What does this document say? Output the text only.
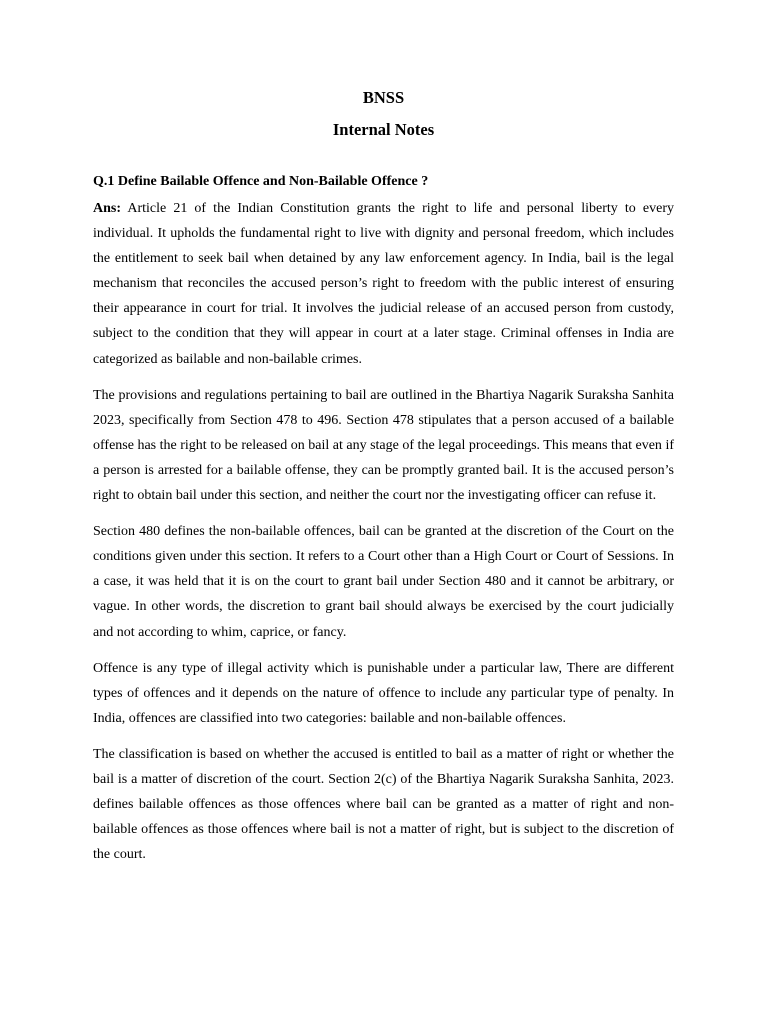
BNSS
Internal Notes

Q.1 Define Bailable Offence and Non-Bailable Offence ?

Ans: Article 21 of the Indian Constitution grants the right to life and personal liberty to every individual. It upholds the fundamental right to live with dignity and personal freedom, which includes the entitlement to seek bail when detained by any law enforcement agency. In India, bail is the legal mechanism that reconciles the accused person’s right to freedom with the public interest of ensuring their appearance in court for trial. It involves the judicial release of an accused person from custody, subject to the condition that they will appear in court at a later stage. Criminal offenses in India are categorized as bailable and non-bailable crimes.

The provisions and regulations pertaining to bail are outlined in the Bhartiya Nagarik Suraksha Sanhita 2023, specifically from Section 478 to 496. Section 478 stipulates that a person accused of a bailable offense has the right to be released on bail at any stage of the legal proceedings. This means that even if a person is arrested for a bailable offense, they can be promptly granted bail. It is the accused person’s right to obtain bail under this section, and neither the court nor the investigating officer can refuse it.

Section 480 defines the non-bailable offences, bail can be granted at the discretion of the Court on the conditions given under this section. It refers to a Court other than a High Court or Court of Sessions. In a case, it was held that it is on the court to grant bail under Section 480 and it cannot be arbitrary, or vague. In other words, the discretion to grant bail should always be exercised by the court judicially and not according to whim, caprice, or fancy.

Offence is any type of illegal activity which is punishable under a particular law, There are different types of offences and it depends on the nature of offence to include any particular type of penalty. In India, offences are classified into two categories: bailable and non-bailable offences.

The classification is based on whether the accused is entitled to bail as a matter of right or whether the bail is a matter of discretion of the court. Section 2(c) of the Bhartiya Nagarik Suraksha Sanhita, 2023. defines bailable offences as those offences where bail can be granted as a matter of right and non-bailable offences as those offences where bail is not a matter of right, but is subject to the discretion of the court.
